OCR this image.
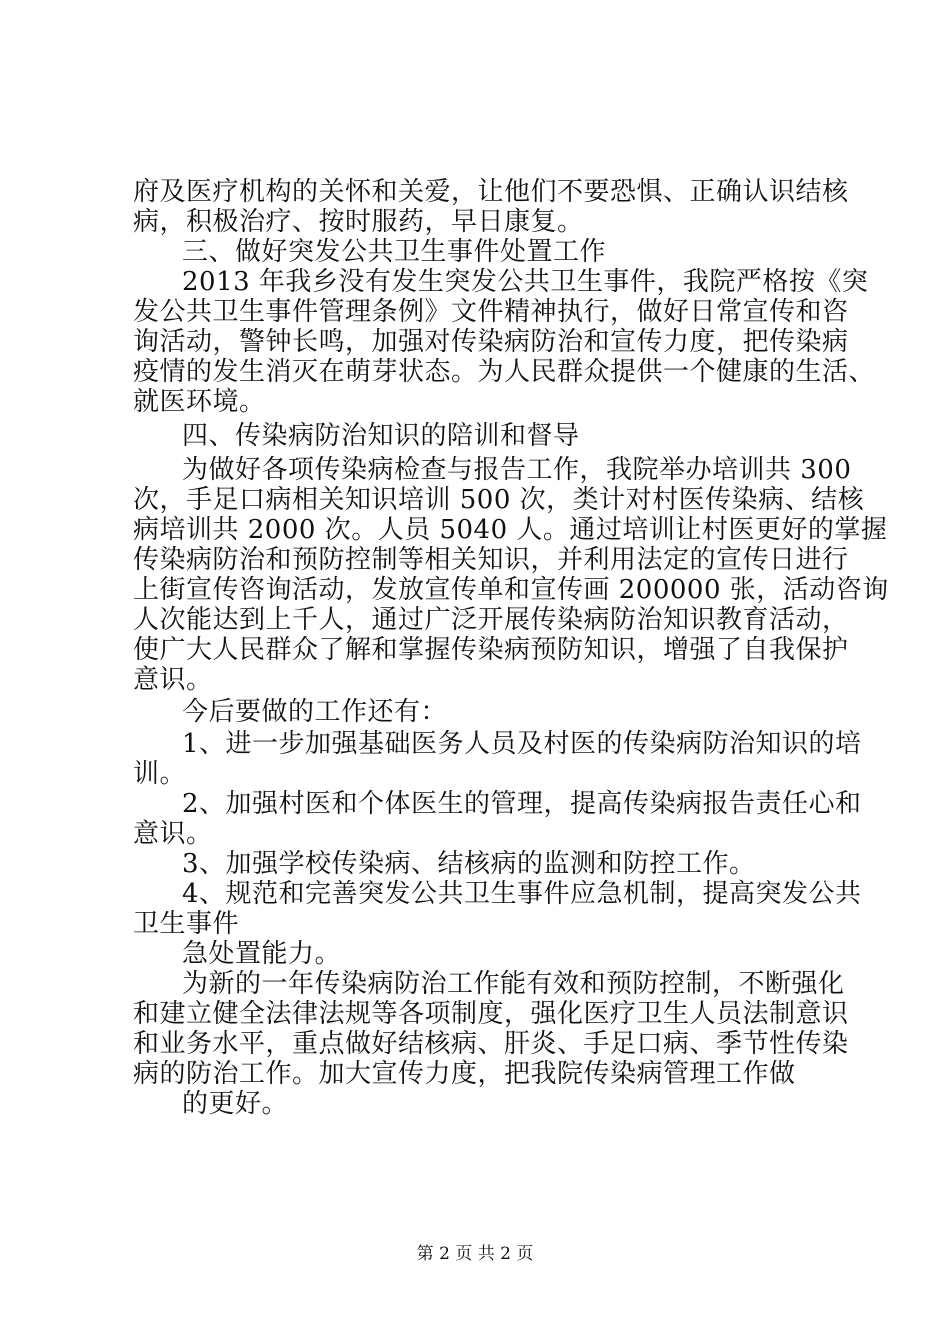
府及医疗机构的关怀和关爱，让他们不要恐惧、正确认识结核
病，积极治疗、按时服药，早日康复。
三、做好突发公共卫生事件处置工作
2013 年我乡没有发生突发公共卫生事件，我院严格按《突
发公共卫生事件管理条例》文件精神执行，做好日常宣传和咨
询活动，警钟长鸣，加强对传染病防治和宣传力度，把传染病
疫情的发生消灭在萌芽状态。为人民群众提供一个健康的生活、
就医环境。
四、传染病防治知识的陪训和督导
为做好各项传染病检查与报告工作，我院举办培训共 300
次，手足口病相关知识培训 500 次，类计对村医传染病、结核
病培训共 2000 次。人员 5040 人。通过培训让村医更好的掌握
传染病防治和预防控制等相关知识，并利用法定的宣传日进行
上街宣传咨询活动，发放宣传单和宣传画 200000 张，活动咨询
人次能达到上千人，通过广泛开展传染病防治知识教育活动，
使广大人民群众了解和掌握传染病预防知识，增强了自我保护
意识。
今后要做的工作还有：
1、进一步加强基础医务人员及村医的传染病防治知识的培
训。
2、加强村医和个体医生的管理，提高传染病报告责任心和
意识。
3、加强学校传染病、结核病的监测和防控工作。
4、规范和完善突发公共卫生事件应急机制，提高突发公共
卫生事件
急处置能力。
为新的一年传染病防治工作能有效和预防控制，不断强化
和建立健全法律法规等各项制度，强化医疗卫生人员法制意识
和业务水平，重点做好结核病、肝炎、手足口病、季节性传染
病的防治工作。加大宣传力度，把我院传染病管理工作做
的更好。
第 2 页 共 2 页
